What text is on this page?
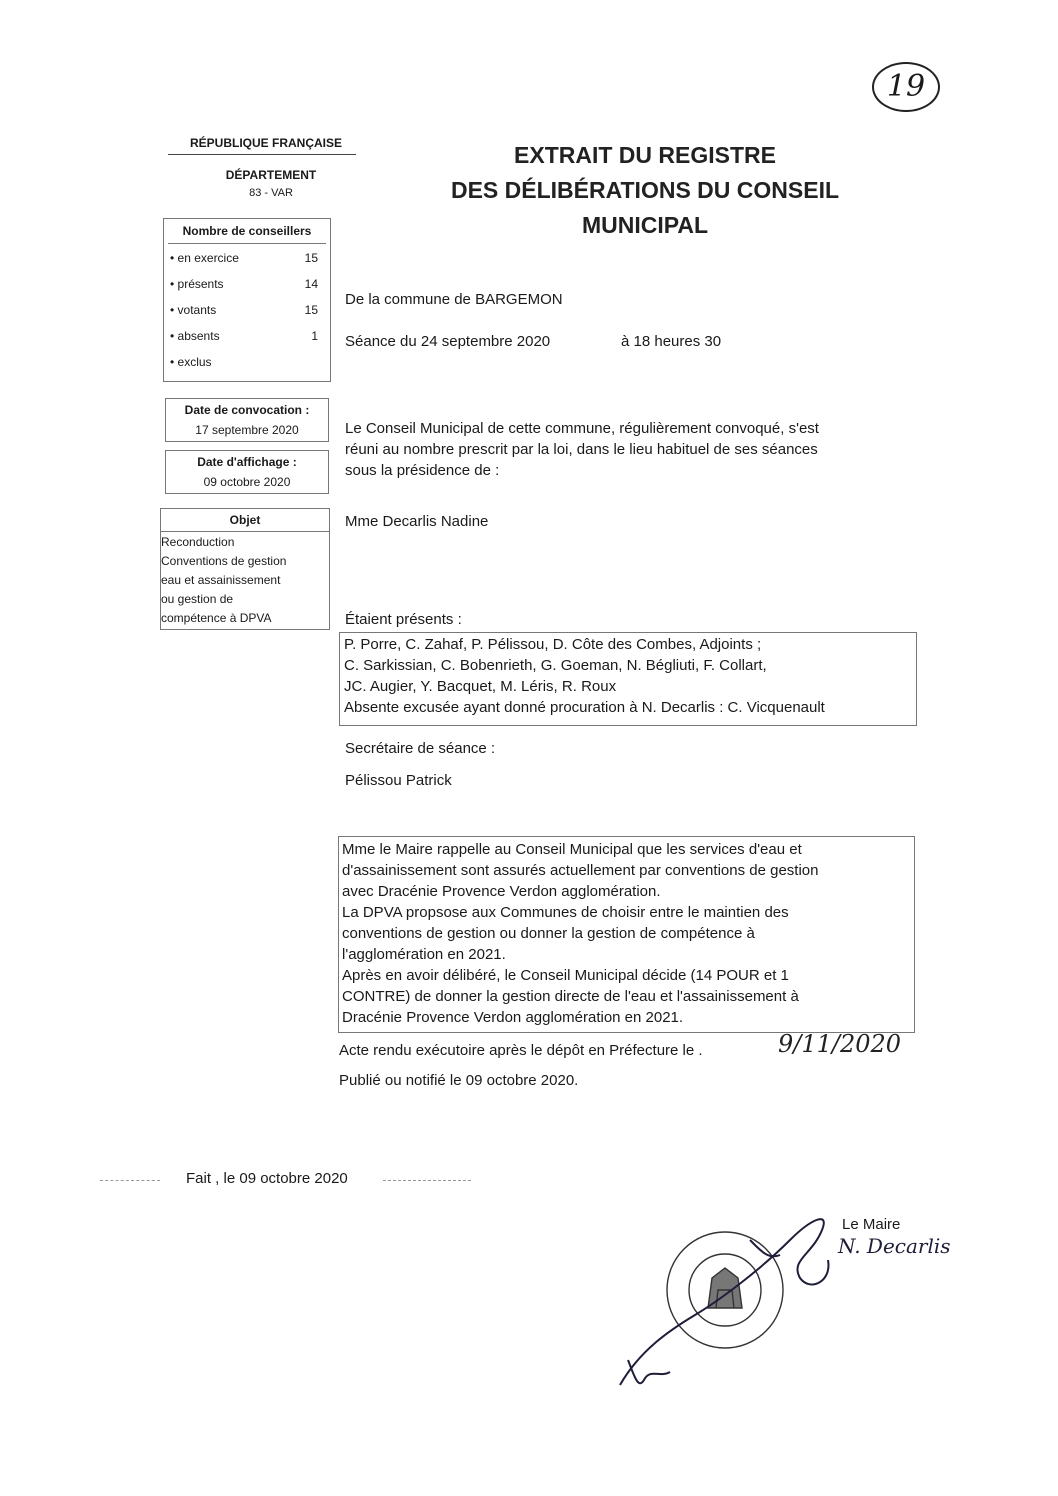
19
RÉPUBLIQUE FRANÇAISE
DÉPARTEMENT
83 - VAR
EXTRAIT DU REGISTRE
DES DÉLIBÉRATIONS DU CONSEIL
MUNICIPAL
Nombre de conseillers
• en exercice	15
• présents	14
• votants	15
• absents	1
• exclus
Date de convocation :
17 septembre 2020
Date d'affichage :
09 octobre 2020
Objet
Reconduction
Conventions de gestion
eau et assainissement
ou gestion de
compétence à DPVA
De la commune de BARGEMON
Séance du 24 septembre 2020	à 18 heures 30
Le Conseil Municipal de cette commune, régulièrement convoqué, s'est
réuni au nombre prescrit par la loi, dans le lieu habituel de ses séances
sous la présidence de :
Mme Decarlis Nadine
Étaient présents :
P. Porre, C. Zahaf, P. Pélissou, D. Côte des Combes, Adjoints ;
C. Sarkissian, C. Bobenrieth, G. Goeman, N. Bégliuti, F. Collart,
JC. Augier, Y. Bacquet, M. Léris, R. Roux
Absente excusée ayant donné procuration à N. Decarlis : C. Vicquenault
Secrétaire de séance :
Pélissou Patrick
Mme le Maire rappelle au Conseil Municipal que les services d'eau et
d'assainissement sont assurés actuellement par conventions de gestion
avec Dracénie Provence Verdon agglomération.
La DPVA propsose aux Communes de choisir entre le maintien des
conventions de gestion ou donner la gestion de compétence à
l'agglomération en 2021.
Après en avoir délibéré, le Conseil Municipal décide (14 POUR et 1
CONTRE) de donner la gestion directe de l'eau et l'assainissement à
Dracénie Provence Verdon agglomération en 2021.
Acte rendu exécutoire après le dépôt en Préfecture le .	9/11/2020
Publié ou notifié le 09 octobre 2020.
Fait , le 09 octobre 2020
Le Maire
N. Decarlis
